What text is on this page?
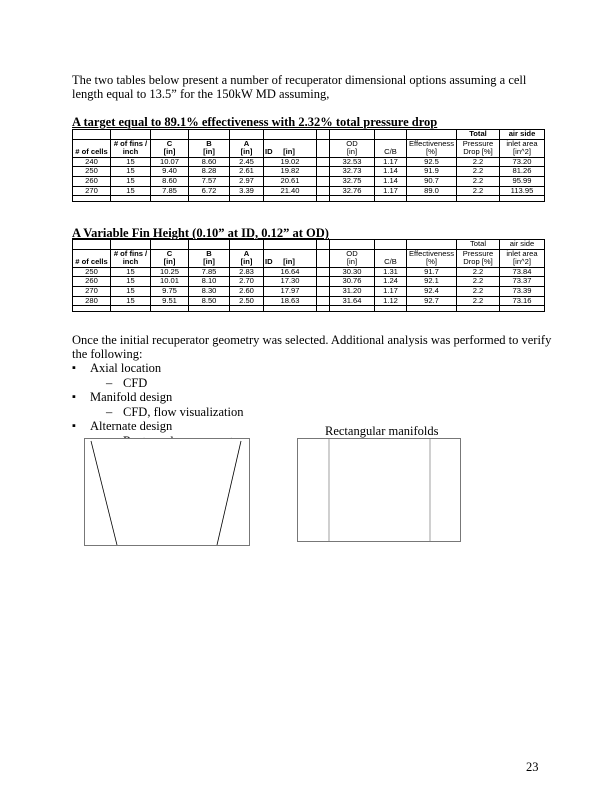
The two tables below present a number of recuperator dimensional options assuming a cell

length equal to 13.5” for the 150kW MD assuming,

A target equal to 89.1% effectiveness with 2.32% total pressure drop

										Total	air side
	# of fins /	C	B	A			OD		Effectiveness	Pressure	inlet area
# of cells	inch	[in]	[in]	[in]	ID [in]		[in]	C/B	[%]	Drop [%]	[in^2]
240	15	10.07	8.60	2.45	19.02		32.53	1.17	92.5	2.2	73.20
250	15	9.40	8.28	2.61	19.82		32.73	1.14	91.9	2.2	81.26
260	15	8.60	7.57	2.97	20.61		32.75	1.14	90.7	2.2	95.99
270	15	7.85	6.72	3.39	21.40		32.76	1.17	89.0	2.2	113.95

A Variable Fin Height (0.10” at ID, 0.12” at OD)

										Total	air side
	# of fins /	C	B	A			OD		Effectiveness	Pressure	inlet area
# of cells	inch	[in]	[in]	[in]	ID [in]		[in]	C/B	[%]	Drop [%]	[in^2]
250	15	10.25	7.85	2.83	16.64		30.30	1.31	91.7	2.2	73.84
260	15	10.01	8.10	2.70	17.30		30.76	1.24	92.1	2.2	73.37
270	15	9.75	8.30	2.60	17.97		31.20	1.17	92.4	2.2	73.39
280	15	9.51	8.50	2.50	18.63		31.64	1.12	92.7	2.2	73.16

Once the initial recuperator geometry was selected. Additional analysis was performed to verify

the following:

▪ Axial location
– CFD
▪ Manifold design
– CFD, flow visualization
▪ Alternate design	Rectangular manifolds
23
